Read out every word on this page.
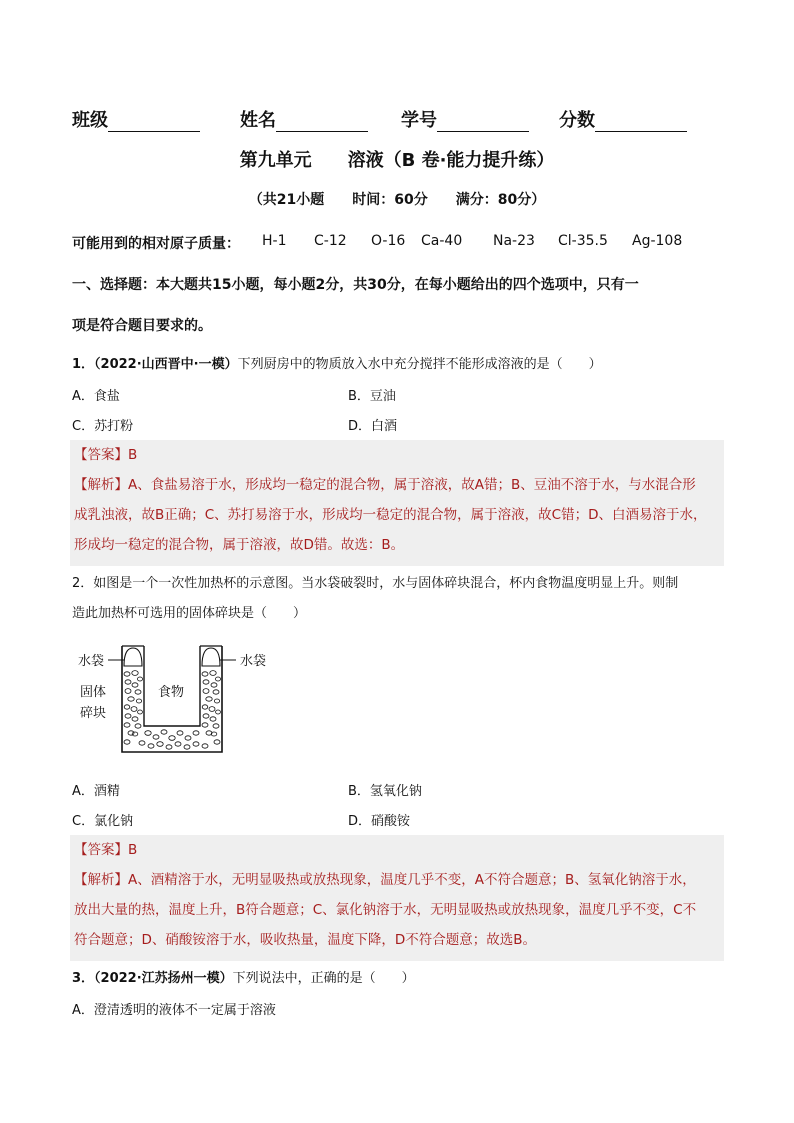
班级	姓名	学号	分数
第九单元　　溶液（B 卷·能力提升练）
（共21小题　　时间：60分　　满分：80分）
可能用到的相对原子质量： H-1 C-12 O-16 Ca-40 Na-23 Cl-35.5 Ag-108
一、选择题：本大题共15小题，每小题2分，共30分，在每小题给出的四个选项中，只有一
项是符合题目要求的。
1．（2022·山西晋中·一模）下列厨房中的物质放入水中充分搅拌不能形成溶液的是（　　）
A．食盐	B．豆油
C．苏打粉	D．白酒
【答案】B
【解析】A、食盐易溶于水，形成均一稳定的混合物，属于溶液，故A错；B、豆油不溶于水，与水混合形
成乳浊液，故B正确；C、苏打易溶于水，形成均一稳定的混合物，属于溶液，故C错；D、白酒易溶于水，
形成均一稳定的混合物，属于溶液，故D错。故选：B。
2．如图是一个一次性加热杯的示意图。当水袋破裂时，水与固体碎块混合，杯内食物温度明显上升。则制
造此加热杯可选用的固体碎块是（　　）
水袋	水袋
固体
碎块
食物
A．酒精	B．氢氧化钠
C．氯化钠	D．硝酸铵
【答案】B
【解析】A、酒精溶于水，无明显吸热或放热现象，温度几乎不变，A不符合题意；B、氢氧化钠溶于水，
放出大量的热，温度上升，B符合题意；C、氯化钠溶于水，无明显吸热或放热现象，温度几乎不变，C不
符合题意；D、硝酸铵溶于水，吸收热量，温度下降，D不符合题意；故选B。
3．（2022·江苏扬州一模）下列说法中，正确的是（　　）
A．澄清透明的液体不一定属于溶液
